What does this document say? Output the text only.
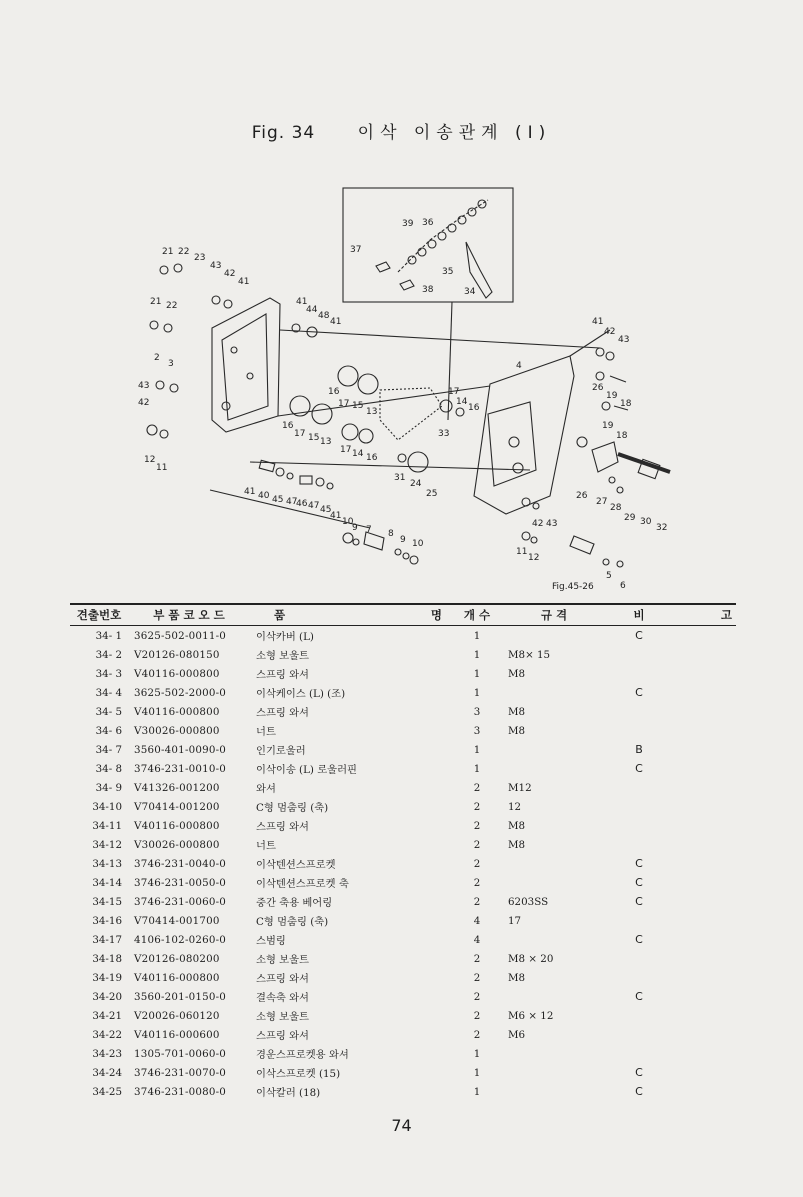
Fig. 34 이삭 이송관계 (I)
39 36
37
35
38	34
21 22
23
43
42
41
21 22	41
44
48
41
2
3
43
42
16
17 15
13
16
17 15 13
17 14 16
17
14
16
33
12
11
31
24
25
41 40 45 47
46 47 45
41
10
9 7 8
9 10
4
41
42
43
26
19
18
19
18
26
27
28
29 30
32
42 43
11
12
5
6
Fig.45-26
견출번호	부 품 코 오 드	품 명	개 수	규 격	비	고
34- 1	3625-502-0011-0	이삭카버 (L)	1		C	
34- 2	V20126-080150	소형 보울트	1	M8× 15		
34- 3	V40116-000800	스프링 와셔	1	M8		
34- 4	3625-502-2000-0	이삭케이스 (L) (조)	1		C	
34- 5	V40116-000800	스프링 와셔	3	M8		
34- 6	V30026-000800	너트	3	M8		
34- 7	3560-401-0090-0	인기로울러	1		B	
34- 8	3746-231-0010-0	이삭이송 (L) 로울러핀	1		C	
34- 9	V41326-001200	와셔	2	M12		
34-10	V70414-001200	C형 멈춤링 (축)	2	12		
34-11	V40116-000800	스프링 와셔	2	M8		
34-12	V30026-000800	너트	2	M8		
34-13	3746-231-0040-0	이삭텐션스프로켓	2		C	
34-14	3746-231-0050-0	이삭텐션스프로켓 축	2		C	
34-15	3746-231-0060-0	중간 축용 베어링	2	6203SS	C	
34-16	V70414-001700	C형 멈춤링 (축)	4	17		
34-17	4106-102-0260-0	스범링	4		C	
34-18	V20126-080200	소형 보울트	2	M8 × 20		
34-19	V40116-000800	스프링 와셔	2	M8		
34-20	3560-201-0150-0	결속축 와셔	2		C	
34-21	V20026-060120	소형 보울트	2	M6 × 12		
34-22	V40116-000600	스프링 와셔	2	M6		
34-23	1305-701-0060-0	경운스프로켓용 와셔	1			
34-24	3746-231-0070-0	이삭스프로켓 (15)	1		C	
34-25	3746-231-0080-0	이삭칼러 (18)	1		C	
74
